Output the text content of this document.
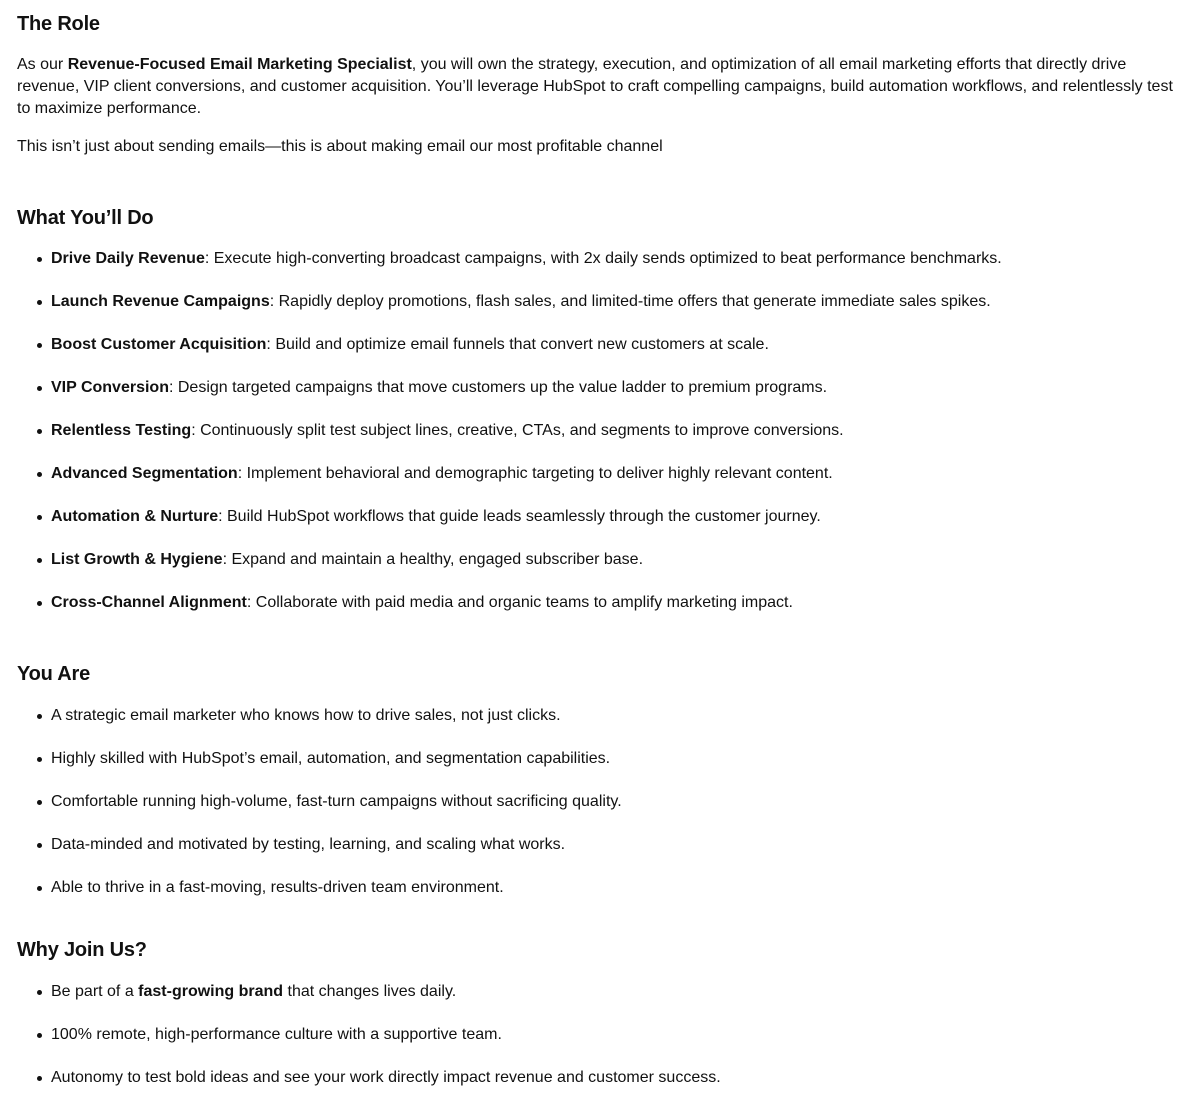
The Role

As our Revenue-Focused Email Marketing Specialist, you will own the strategy, execution, and optimization of all email marketing efforts that directly drive revenue, VIP client conversions, and customer acquisition. You’ll leverage HubSpot to craft compelling campaigns, build automation workflows, and relentlessly test to maximize performance.

This isn’t just about sending emails—this is about making email our most profitable channel

What You’ll Do
Drive Daily Revenue: Execute high-converting broadcast campaigns, with 2x daily sends optimized to beat performance benchmarks.
Launch Revenue Campaigns: Rapidly deploy promotions, flash sales, and limited-time offers that generate immediate sales spikes.
Boost Customer Acquisition: Build and optimize email funnels that convert new customers at scale.
VIP Conversion: Design targeted campaigns that move customers up the value ladder to premium programs.
Relentless Testing: Continuously split test subject lines, creative, CTAs, and segments to improve conversions.
Advanced Segmentation: Implement behavioral and demographic targeting to deliver highly relevant content.
Automation & Nurture: Build HubSpot workflows that guide leads seamlessly through the customer journey.
List Growth & Hygiene: Expand and maintain a healthy, engaged subscriber base.
Cross-Channel Alignment: Collaborate with paid media and organic teams to amplify marketing impact.
You Are
A strategic email marketer who knows how to drive sales, not just clicks.
Highly skilled with HubSpot’s email, automation, and segmentation capabilities.
Comfortable running high-volume, fast-turn campaigns without sacrificing quality.
Data-minded and motivated by testing, learning, and scaling what works.
Able to thrive in a fast-moving, results-driven team environment.
Why Join Us?
Be part of a fast-growing brand that changes lives daily.
100% remote, high-performance culture with a supportive team.
Autonomy to test bold ideas and see your work directly impact revenue and customer success.
